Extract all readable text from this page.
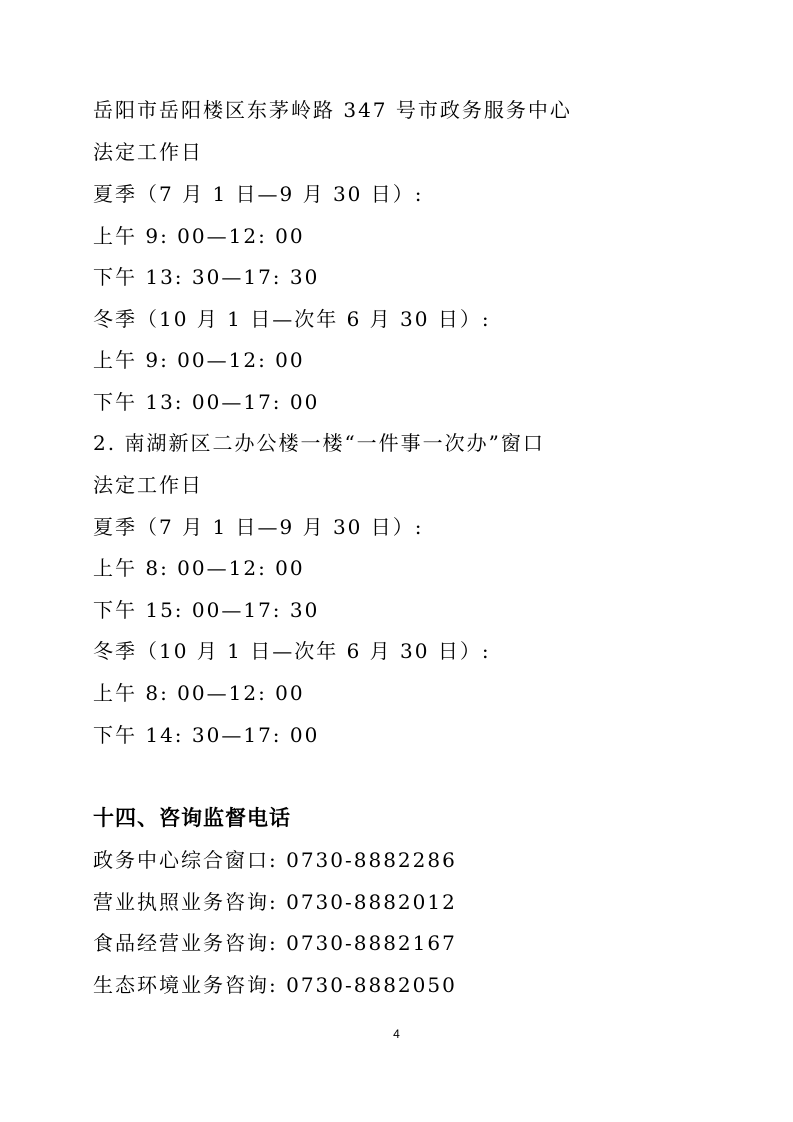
岳阳市岳阳楼区东茅岭路 347 号市政务服务中心
法定工作日
夏季（7 月 1 日—9 月 30 日）:
上午 9: 00—12: 00
下午 13: 30—17: 30
冬季（10 月 1 日—次年 6 月 30 日）:
上午 9: 00—12: 00
下午 13: 00—17: 00
2. 南湖新区二办公楼一楼“一件事一次办”窗口
法定工作日
夏季（7 月 1 日—9 月 30 日）:
上午 8: 00—12: 00
下午 15: 00—17: 30
冬季（10 月 1 日—次年 6 月 30 日）:
上午 8: 00—12: 00
下午 14: 30—17: 00
十四、咨询监督电话
政务中心综合窗口: 0730-8882286
营业执照业务咨询: 0730-8882012
食品经营业务咨询: 0730-8882167
生态环境业务咨询: 0730-8882050
4
